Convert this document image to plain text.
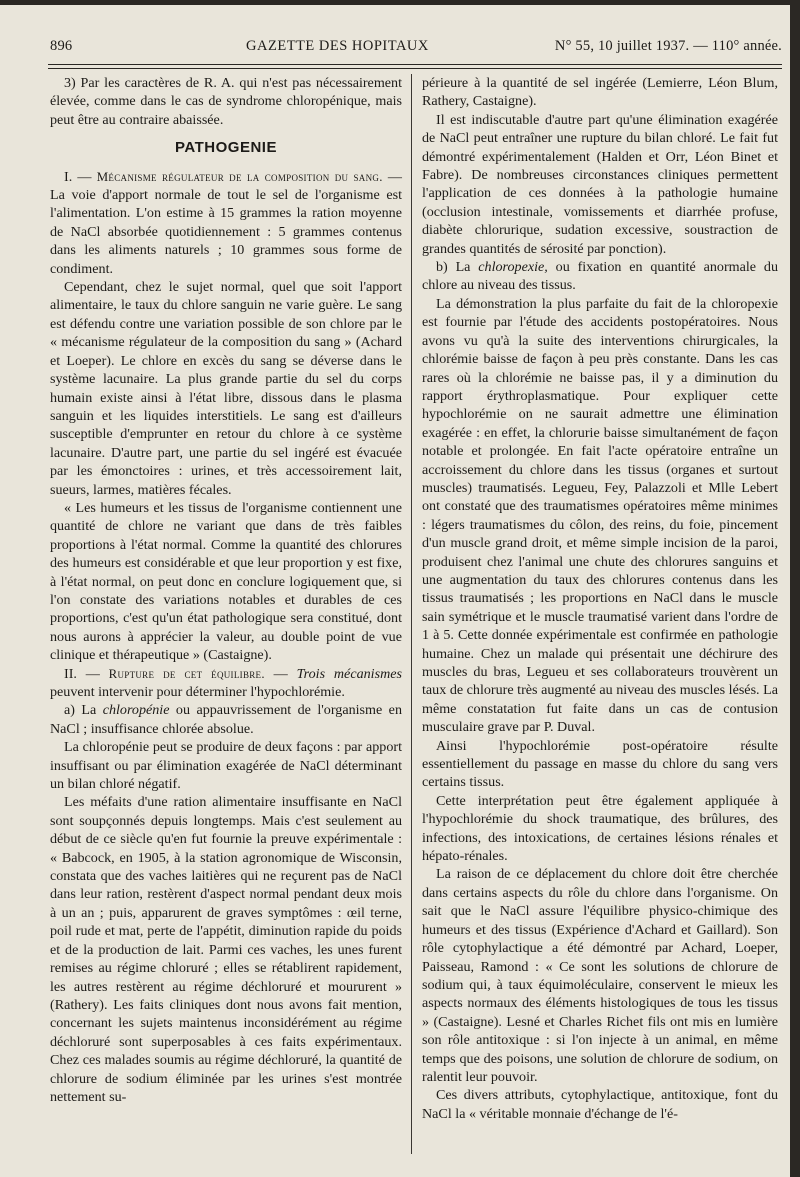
896	GAZETTE DES HOPITAUX	N° 55, 10 juillet 1937. — 110° année.

3) Par les caractères de R. A. qui n'est pas nécessairement élevée, comme dans le cas de syndrome chloropénique, mais peut être au contraire abaissée.

PATHOGENIE

I. — Mécanisme régulateur de la composition du sang. — La voie d'apport normale de tout le sel de l'organisme est l'alimentation. L'on estime à 15 grammes la ration moyenne de NaCl absorbée quotidiennement : 5 grammes contenus dans les aliments naturels ; 10 grammes sous forme de condiment.

Cependant, chez le sujet normal, quel que soit l'apport alimentaire, le taux du chlore sanguin ne varie guère. Le sang est défendu contre une variation possible de son chlore par le « mécanisme régulateur de la composition du sang » (Achard et Loeper). Le chlore en excès du sang se déverse dans le système lacunaire. La plus grande partie du sel du corps humain existe ainsi à l'état libre, dissous dans le plasma sanguin et les liquides interstitiels. Le sang est d'ailleurs susceptible d'emprunter en retour du chlore à ce système lacunaire. D'autre part, une partie du sel ingéré est évacuée par les émonctoires : urines, et très accessoirement lait, sueurs, larmes, matières fécales.

« Les humeurs et les tissus de l'organisme contiennent une quantité de chlore ne variant que dans de très faibles proportions à l'état normal. Comme la quantité des chlorures des humeurs est considérable et que leur proportion y est fixe, à l'état normal, on peut donc en conclure logiquement que, si l'on constate des variations notables et durables de ces proportions, c'est qu'un état pathologique sera constitué, dont nous aurons à apprécier la valeur, au double point de vue clinique et thérapeutique » (Castaigne).

II. — Rupture de cet équilibre. — Trois mécanismes peuvent intervenir pour déterminer l'hypochlorémie.

a) La chloropénie ou appauvrissement de l'organisme en NaCl ; insuffisance chlorée absolue.

La chloropénie peut se produire de deux façons : par apport insuffisant ou par élimination exagérée de NaCl déterminant un bilan chloré négatif.

Les méfaits d'une ration alimentaire insuffisante en NaCl sont soupçonnés depuis longtemps. Mais c'est seulement au début de ce siècle qu'en fut fournie la preuve expérimentale : « Babcock, en 1905, à la station agronomique de Wisconsin, constata que des vaches laitières qui ne reçurent pas de NaCl dans leur ration, restèrent d'aspect normal pendant deux mois à un an ; puis, apparurent de graves symptômes : œil terne, poil rude et mat, perte de l'appétit, diminution rapide du poids et de la production de lait. Parmi ces vaches, les unes furent remises au régime chloruré ; elles se rétablirent rapidement, les autres restèrent au régime déchloruré et moururent » (Rathery). Les faits cliniques dont nous avons fait mention, concernant les sujets maintenus inconsidérément au régime déchloruré sont superposables à ces faits expérimentaux. Chez ces malades soumis au régime déchloruré, la quantité de chlorure de sodium éliminée par les urines s'est montrée nettement su-

périeure à la quantité de sel ingérée (Lemierre, Léon Blum, Rathery, Castaigne).

Il est indiscutable d'autre part qu'une élimination exagérée de NaCl peut entraîner une rupture du bilan chloré. Le fait fut démontré expérimentalement (Halden et Orr, Léon Binet et Fabre). De nombreuses circonstances cliniques permettent l'application de ces données à la pathologie humaine (occlusion intestinale, vomissements et diarrhée profuse, diabète chlorurique, sudation excessive, soustraction de grandes quantités de sérosité par ponction).

b) La chloropexie, ou fixation en quantité anormale du chlore au niveau des tissus.

La démonstration la plus parfaite du fait de la chloropexie est fournie par l'étude des accidents postopératoires. Nous avons vu qu'à la suite des interventions chirurgicales, la chlorémie baisse de façon à peu près constante. Dans les cas rares où la chlorémie ne baisse pas, il y a diminution du rapport érythroplasmatique. Pour expliquer cette hypochlorémie on ne saurait admettre une élimination exagérée : en effet, la chlorurie baisse simultanément de façon notable et prolongée. En fait l'acte opératoire entraîne un accroissement du chlore dans les tissus (organes et surtout muscles) traumatisés. Legueu, Fey, Palazzoli et Mlle Lebert ont constaté que des traumatismes opératoires même minimes : légers traumatismes du côlon, des reins, du foie, pincement d'un muscle grand droit, et même simple incision de la paroi, produisent chez l'animal une chute des chlorures sanguins et une augmentation du taux des chlorures contenus dans les tissus traumatisés ; les proportions en NaCl dans le muscle sain symétrique et le muscle traumatisé varient dans l'ordre de 1 à 5. Cette donnée expérimentale est confirmée en pathologie humaine. Chez un malade qui présentait une déchirure des muscles du bras, Legueu et ses collaborateurs trouvèrent un taux de chlorure très augmenté au niveau des muscles lésés. La même constatation fut faite dans un cas de contusion musculaire grave par P. Duval.

Ainsi l'hypochlorémie post-opératoire résulte essentiellement du passage en masse du chlore du sang vers certains tissus.

Cette interprétation peut être également appliquée à l'hypochlorémie du shock traumatique, des brûlures, des infections, des intoxications, de certaines lésions rénales et hépato-rénales.

La raison de ce déplacement du chlore doit être cherchée dans certains aspects du rôle du chlore dans l'organisme. On sait que le NaCl assure l'équilibre physico-chimique des humeurs et des tissus (Expérience d'Achard et Gaillard). Son rôle cytophylactique a été démontré par Achard, Loeper, Paisseau, Ramond : « Ce sont les solutions de chlorure de sodium qui, à taux équimoléculaire, conservent le mieux les aspects normaux des éléments histologiques de tous les tissus » (Castaigne). Lesné et Charles Richet fils ont mis en lumière son rôle antitoxique : si l'on injecte à un animal, en même temps que des poisons, une solution de chlorure de sodium, on ralentit leur pouvoir.

Ces divers attributs, cytophylactique, antitoxique, font du NaCl la « véritable monnaie d'échange de l'é-
